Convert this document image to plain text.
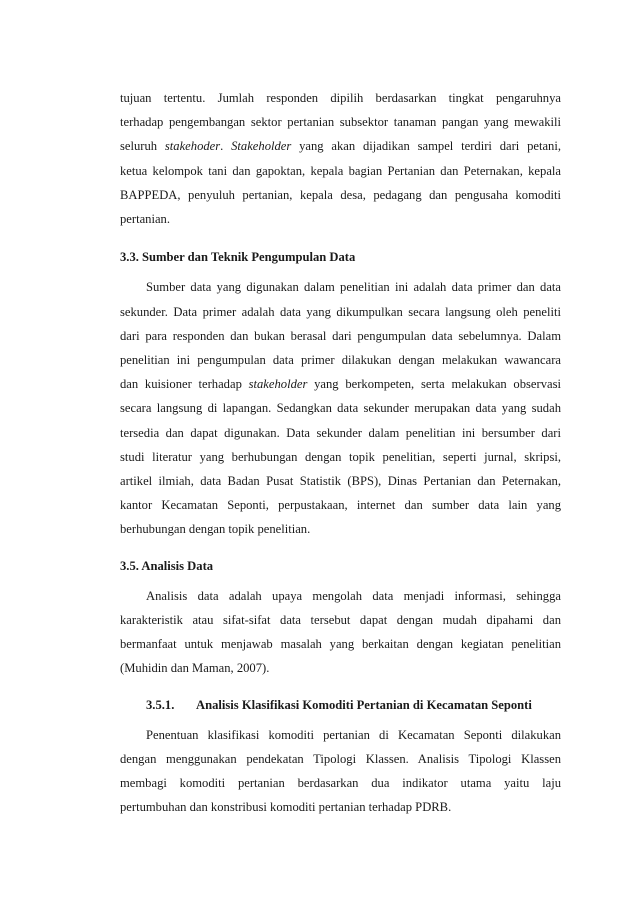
tujuan tertentu. Jumlah responden dipilih berdasarkan tingkat pengaruhnya
terhadap pengembangan sektor pertanian subsektor tanaman pangan yang mewakili
seluruh stakehoder. Stakeholder yang akan dijadikan sampel terdiri dari petani,
ketua kelompok tani dan gapoktan, kepala bagian Pertanian dan Peternakan, kepala
BAPPEDA, penyuluh pertanian, kepala desa, pedagang dan pengusaha komoditi
pertanian.

3.3. Sumber dan Teknik Pengumpulan Data

Sumber data yang digunakan dalam penelitian ini adalah data primer dan data
sekunder. Data primer adalah data yang dikumpulkan secara langsung oleh peneliti
dari para responden dan bukan berasal dari pengumpulan data sebelumnya. Dalam
penelitian ini pengumpulan data primer dilakukan dengan melakukan wawancara
dan kuisioner terhadap stakeholder yang berkompeten, serta melakukan observasi
secara langsung di lapangan. Sedangkan data sekunder merupakan data yang sudah
tersedia dan dapat digunakan. Data sekunder dalam penelitian ini bersumber dari
studi literatur yang berhubungan dengan topik penelitian, seperti jurnal, skripsi,
artikel ilmiah, data Badan Pusat Statistik (BPS), Dinas Pertanian dan Peternakan,
kantor Kecamatan Seponti, perpustakaan, internet dan sumber data lain yang
berhubungan dengan topik penelitian.

3.5. Analisis Data

Analisis data adalah upaya mengolah data menjadi informasi, sehingga
karakteristik atau sifat-sifat data tersebut dapat dengan mudah dipahami dan
bermanfaat untuk menjawab masalah yang berkaitan dengan kegiatan penelitian
(Muhidin dan Maman, 2007).

3.5.1. Analisis Klasifikasi Komoditi Pertanian di Kecamatan Seponti

Penentuan klasifikasi komoditi pertanian di Kecamatan Seponti dilakukan
dengan menggunakan pendekatan Tipologi Klassen. Analisis Tipologi Klassen
membagi komoditi pertanian berdasarkan dua indikator utama yaitu laju
pertumbuhan dan konstribusi komoditi pertanian terhadap PDRB.
